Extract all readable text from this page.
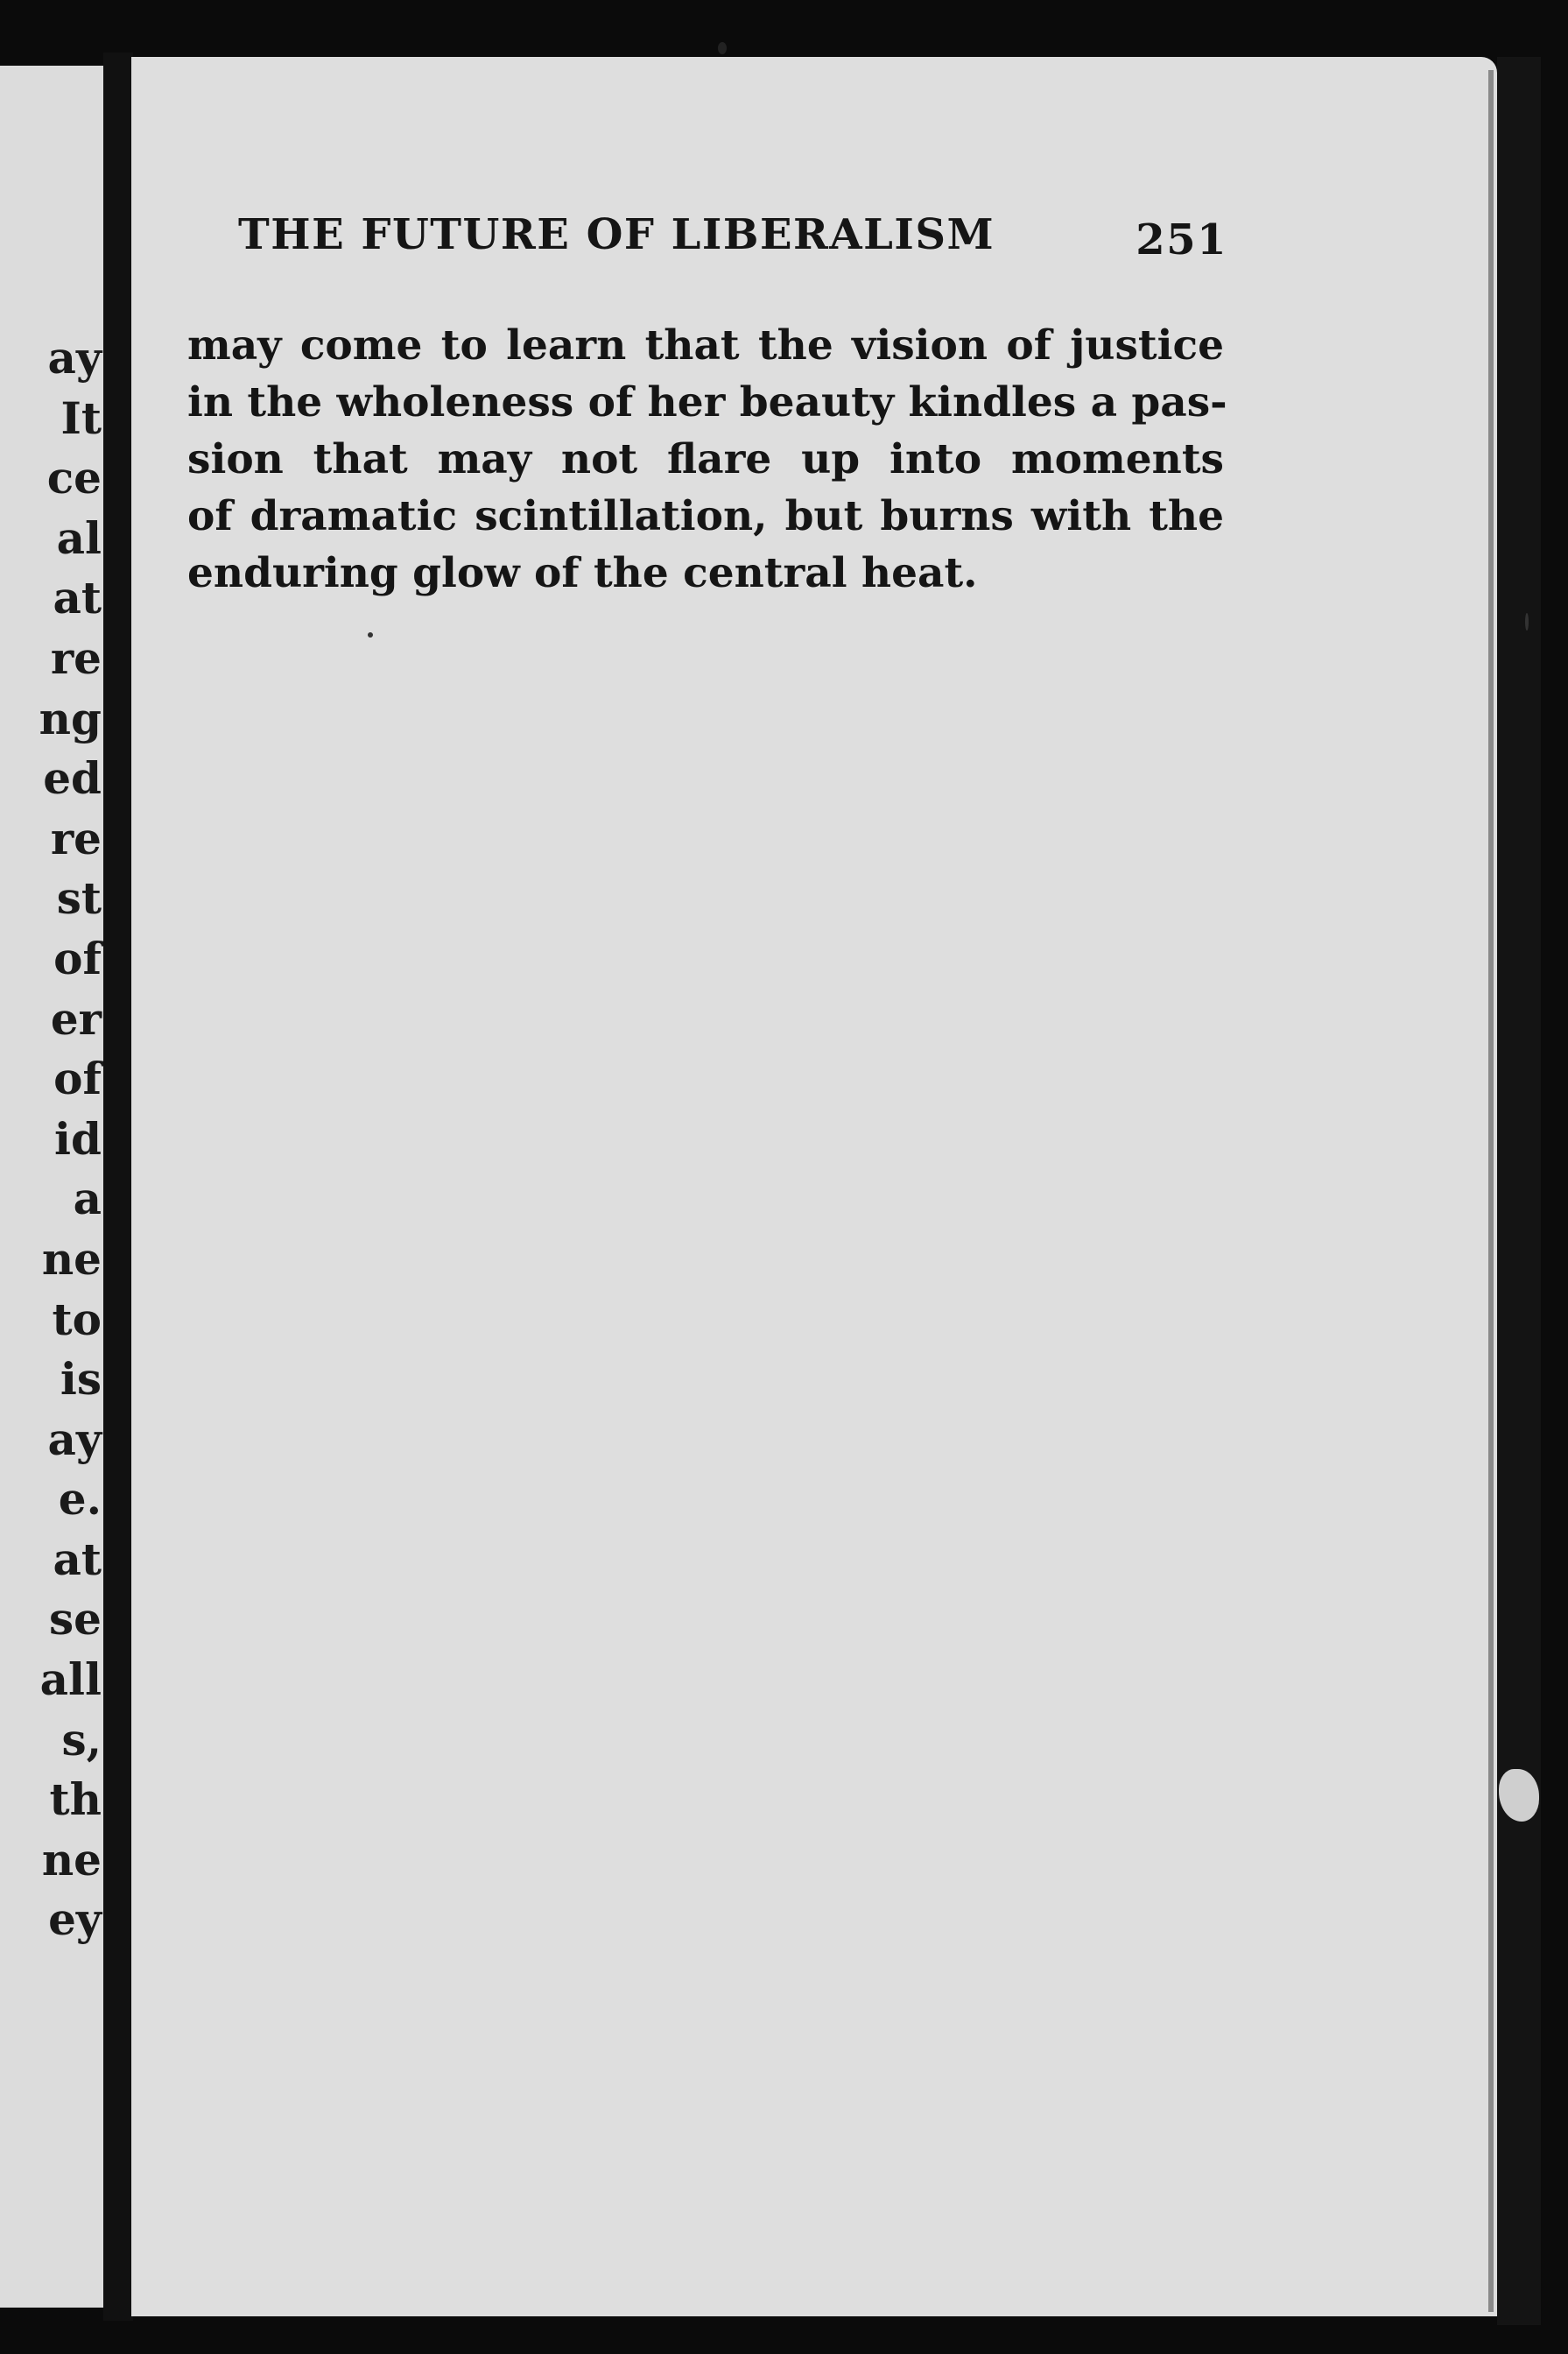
ay
It
ce
al
at
re
ng
ed
re
st
of
er
of
id
a
ne
to
is
ay
e.
at
se
all
s,
th
ne
ey
THE FUTURE OF LIBERALISM	251
may come to learn that the vision of justice
in the wholeness of her beauty kindles a pas-
sion that may not flare up into moments
of dramatic scintillation, but burns with the
enduring glow of the central heat.
